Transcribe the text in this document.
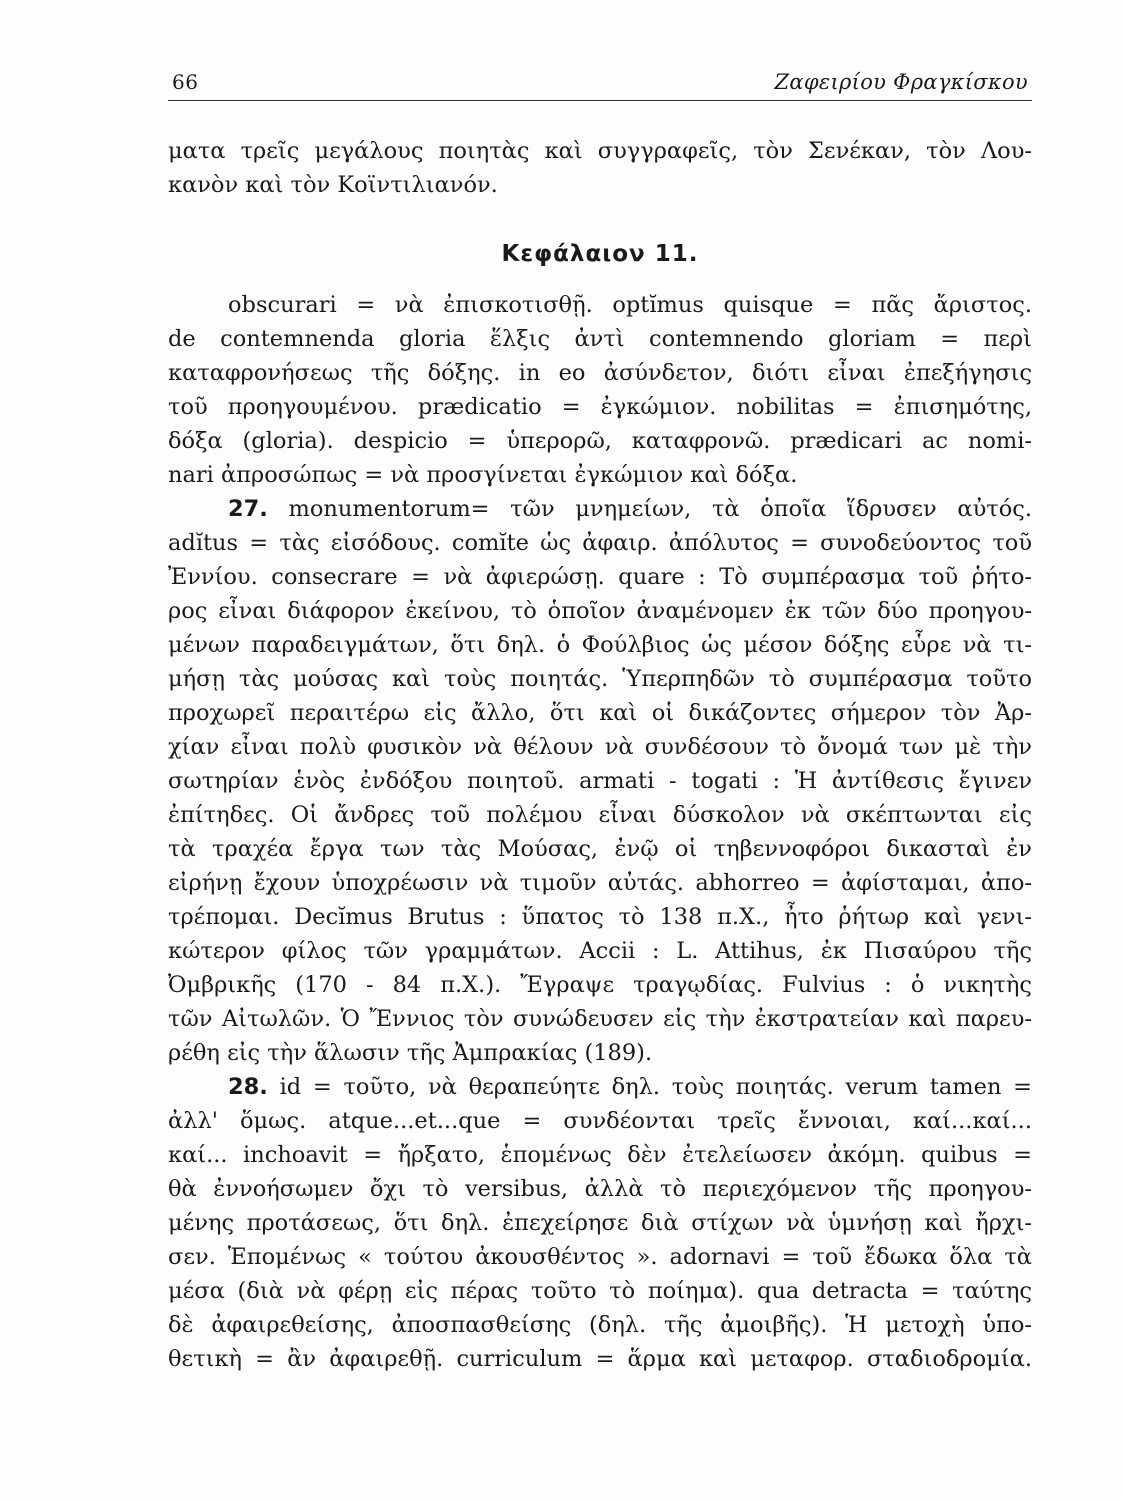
66	Ζαφειρίου Φραγκίσκου
ματα τρεῖς μεγάλους ποιητὰς καὶ συγγραφεῖς, τὸν Σενέκαν, τὸν Λου-
κανὸν καὶ τὸν Κοϊντιλιανόν.
Κεφάλαιον 11.
obscurari = νὰ ἐπισκοτισθῇ. optĭmus quisque = πᾶς ἄριστος.
de contemnenda gloria ἕλξις ἀντὶ contemnendo gloriam = περὶ
καταφρονήσεως τῆς δόξης. in eo ἀσύνδετον, διότι εἶναι ἐπεξήγησις
τοῦ προηγουμένου. prædicatio = ἐγκώμιον. nobilitas = ἐπισημότης,
δόξα (gloria). despicio = ὑπερορῶ, καταφρονῶ. prædicari ac nomi-
nari ἀπροσώπως = νὰ προσγίνεται ἐγκώμιον καὶ δόξα.
27. monumentorum= τῶν μνημείων, τὰ ὁποῖα ἵδρυσεν αὐτός.
adĭtus = τὰς εἰσόδους. comĭte ὡς ἀφαιρ. ἀπόλυτος = συνοδεύοντος τοῦ
Ἐννίου. consecrare = νὰ ἀφιερώσῃ. quare : Τὸ συμπέρασμα τοῦ ῥήτο-
ρος εἶναι διάφορον ἐκείνου, τὸ ὁποῖον ἀναμένομεν ἐκ τῶν δύο προηγου-
μένων παραδειγμάτων, ὅτι δηλ. ὁ Φούλβιος ὡς μέσον δόξης εὗρε νὰ τι-
μήσῃ τὰς μούσας καὶ τοὺς ποιητάς. Ὑπερπηδῶν τὸ συμπέρασμα τοῦτο
προχωρεῖ περαιτέρω εἰς ἄλλο, ὅτι καὶ οἱ δικάζοντες σήμερον τὸν Ἀρ-
χίαν εἶναι πολὺ φυσικὸν νὰ θέλουν νὰ συνδέσουν τὸ ὄνομά των μὲ τὴν
σωτηρίαν ἑνὸς ἐνδόξου ποιητοῦ. armati - togati : Ἡ ἀντίθεσις ἔγινεν
ἐπίτηδες. Οἱ ἄνδρες τοῦ πολέμου εἶναι δύσκολον νὰ σκέπτωνται εἰς
τὰ τραχέα ἔργα των τὰς Μούσας, ἐνῷ οἱ τηβεννοφόροι δικασταὶ ἐν
εἰρήνῃ ἔχουν ὑποχρέωσιν νὰ τιμοῦν αὐτάς. abhorreo = ἀφίσταμαι, ἀπο-
τρέπομαι. Decĭmus Brutus : ὕπατος τὸ 138 π.Χ., ἦτο ῥήτωρ καὶ γενι-
κώτερον φίλος τῶν γραμμάτων. Accii : L. Attihus, ἐκ Πισαύρου τῆς
Ὀμβρικῆς (170 - 84 π.Χ.). Ἔγραψε τραγῳδίας. Fulvius : ὁ νικητὴς
τῶν Αἰτωλῶν. Ὁ Ἔννιος τὸν συνώδευσεν εἰς τὴν ἐκστρατείαν καὶ παρευ-
ρέθη εἰς τὴν ἅλωσιν τῆς Ἀμπρακίας (189).
28. id = τοῦτο, νὰ θεραπεύητε δηλ. τοὺς ποιητάς. verum tamen =
ἀλλ' ὅμως. atque...et...que = συνδέονται τρεῖς ἔννοιαι, καί...καί...
καί... inchoavit = ἤρξατο, ἑπομένως δὲν ἐτελείωσεν ἀκόμη. quibus =
θὰ ἐννοήσωμεν ὄχι τὸ versibus, ἀλλὰ τὸ περιεχόμενον τῆς προηγου-
μένης προτάσεως, ὅτι δηλ. ἐπεχείρησε διὰ στίχων νὰ ὑμνήσῃ καὶ ἤρχι-
σεν. Ἑπομένως « τούτου ἀκουσθέντος ». adornavi = τοῦ ἔδωκα ὅλα τὰ
μέσα (διὰ νὰ φέρῃ εἰς πέρας τοῦτο τὸ ποίημα). qua detracta = ταύτης
δὲ ἀφαιρεθείσης, ἀποσπασθείσης (δηλ. τῆς ἀμοιβῆς). Ἡ μετοχὴ ὑπο-
θετικὴ = ἂν ἀφαιρεθῇ. curriculum = ἅρμα καὶ μεταφορ. σταδιοδρομία.
